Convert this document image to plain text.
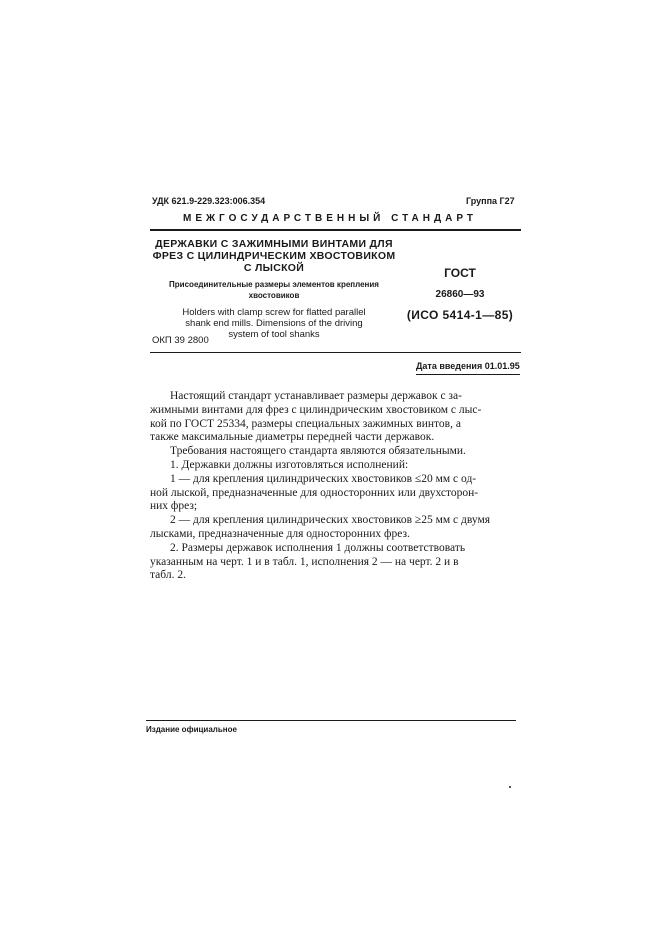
УДК 621.9-229.323:006.354	Группа Г27
МЕЖГОСУДАРСТВЕННЫЙ СТАНДАРТ
ДЕРЖАВКИ С ЗАЖИМНЫМИ ВИНТАМИ ДЛЯ
ФРЕЗ С ЦИЛИНДРИЧЕСКИМ ХВОСТОВИКОМ
С ЛЫСКОЙ
Присоединительные размеры элементов крепления
хвостовиков
Holders with clamp screw for flatted parallel
shank end mills. Dimensions of the driving
system of tool shanks
ГОСТ
26860—93
(ИСО 5414-1—85)
ОКП 39 2800
Дата введения 01.01.95

Настоящий стандарт устанавливает размеры державок с за-

жимными винтами для фрез с цилиндрическим хвостовиком с лыс-

кой по ГОСТ 25334, размеры специальных зажимных винтов, а

также максимальные диаметры передней части державок.

Требования настоящего стандарта являются обязательными.

1. Державки должны изготовляться исполнений:

1 — для крепления цилиндрических хвостовиков ≤20 мм с од-

ной лыской, предназначенные для односторонних или двухсторон-

них фрез;

2 — для крепления цилиндрических хвостовиков ≥25 мм с двумя

лысками, предназначенные для односторонних фрез.

2. Размеры державок исполнения 1 должны соответствовать

указанным на черт. 1 и в табл. 1, исполнения 2 — на черт. 2 и в

табл. 2.

Издание официальное
